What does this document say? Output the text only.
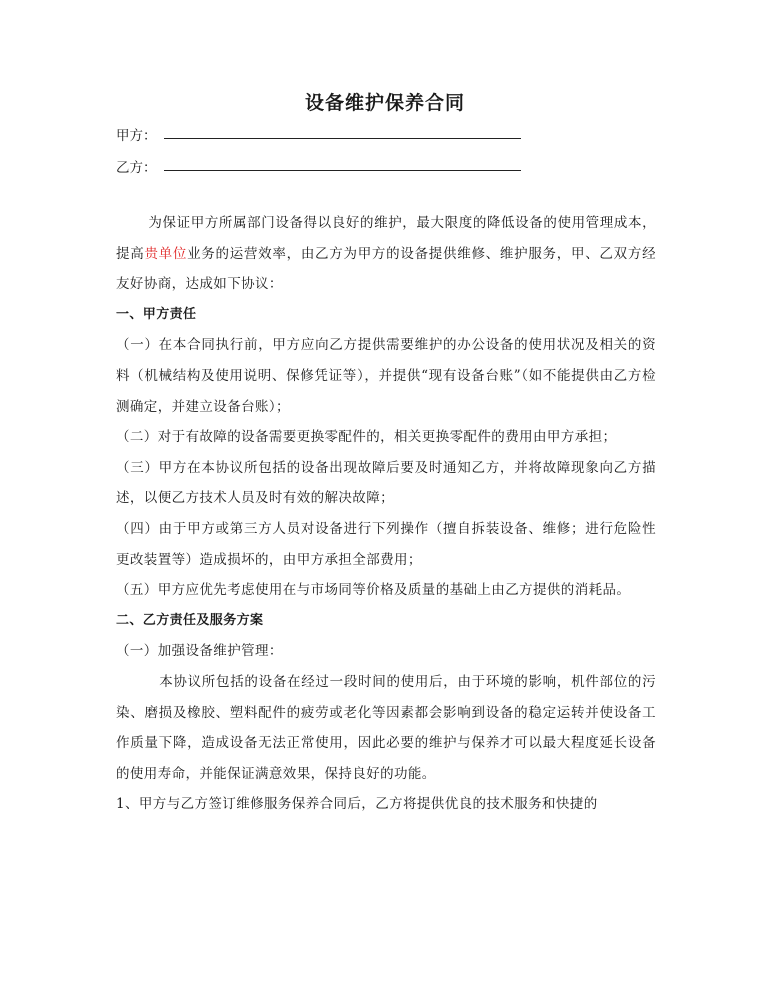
设备维护保养合同
甲方：
乙方：

为保证甲方所属部门设备得以良好的维护，最大限度的降低设备的使用管理成本，提高贵单位业务的运营效率，由乙方为甲方的设备提供维修、维护服务，甲、乙双方经友好协商，达成如下协议：

一、甲方责任

（一）在本合同执行前，甲方应向乙方提供需要维护的办公设备的使用状况及相关的资料（机械结构及使用说明、保修凭证等），并提供“现有设备台账”（如不能提供由乙方检测确定，并建立设备台账）；

（二）对于有故障的设备需要更换零配件的，相关更换零配件的费用由甲方承担；

（三）甲方在本协议所包括的设备出现故障后要及时通知乙方，并将故障现象向乙方描述，以便乙方技术人员及时有效的解决故障；

（四）由于甲方或第三方人员对设备进行下列操作（擅自拆装设备、维修；进行危险性更改装置等）造成损坏的，由甲方承担全部费用；

（五）甲方应优先考虑使用在与市场同等价格及质量的基础上由乙方提供的消耗品。

二、乙方责任及服务方案

（一）加强设备维护管理：

本协议所包括的设备在经过一段时间的使用后，由于环境的影响，机件部位的污染、磨损及橡胶、塑料配件的疲劳或老化等因素都会影响到设备的稳定运转并使设备工作质量下降，造成设备无法正常使用，因此必要的维护与保养才可以最大程度延长设备的使用寿命，并能保证满意效果，保持良好的功能。

1、甲方与乙方签订维修服务保养合同后，乙方将提供优良的技术服务和快捷的
